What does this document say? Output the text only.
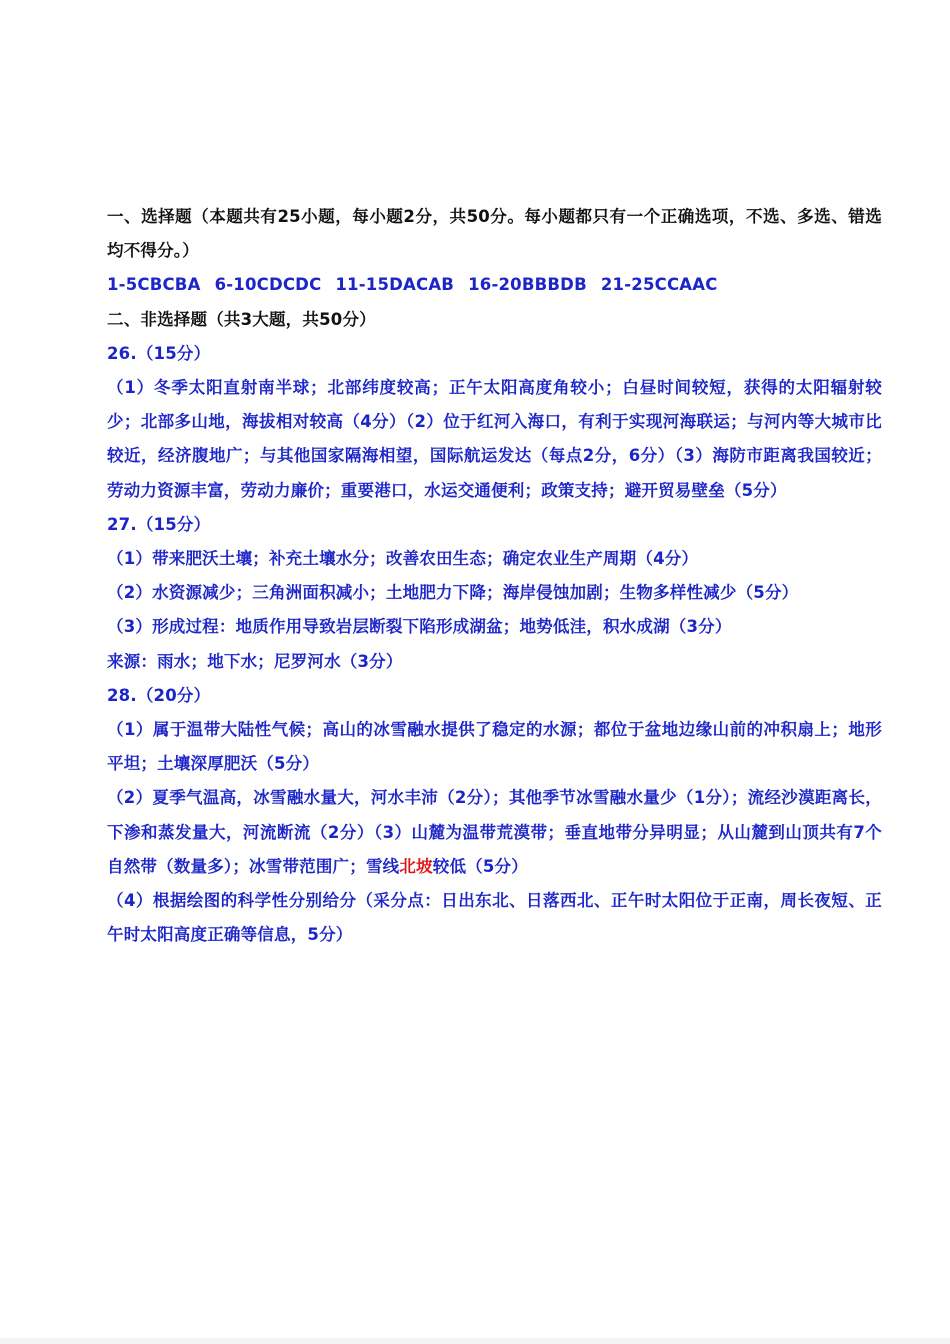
一、选择题（本题共有25小题，每小题2分，共50分。每小题都只有一个正确选项，不选、多选、错选均不得分。）

1-5CBCBA 6-10CDCDC 11-15DACAB 16-20BBBDB 21-25CCAAC

二、非选择题（共3大题，共50分）

26.（15分）

（1）冬季太阳直射南半球；北部纬度较高；正午太阳高度角较小；白昼时间较短，获得的太阳辐射较少；北部多山地，海拔相对较高（4分）（2）位于红河入海口，有利于实现河海联运；与河内等大城市比较近，经济腹地广；与其他国家隔海相望，国际航运发达（每点2分，6分）（3）海防市距离我国较近；劳动力资源丰富，劳动力廉价；重要港口，水运交通便利；政策支持；避开贸易壁垒（5分）

27.（15分）

（1）带来肥沃土壤；补充土壤水分；改善农田生态；确定农业生产周期（4分）

（2）水资源减少；三角洲面积减小；土地肥力下降；海岸侵蚀加剧；生物多样性减少（5分）

（3）形成过程：地质作用导致岩层断裂下陷形成湖盆；地势低洼，积水成湖（3分）

来源：雨水；地下水；尼罗河水（3分）

28.（20分）

（1）属于温带大陆性气候；高山的冰雪融水提供了稳定的水源；都位于盆地边缘山前的冲积扇上；地形平坦；土壤深厚肥沃（5分）

（2）夏季气温高，冰雪融水量大，河水丰沛（2分）；其他季节冰雪融水量少（1分）；流经沙漠距离长，下渗和蒸发量大，河流断流（2分）（3）山麓为温带荒漠带；垂直地带分异明显；从山麓到山顶共有7个自然带（数量多）；冰雪带范围广；雪线北坡较低（5分）

（4）根据绘图的科学性分别给分（采分点：日出东北、日落西北、正午时太阳位于正南，周长夜短、正午时太阳高度正确等信息，5分）
